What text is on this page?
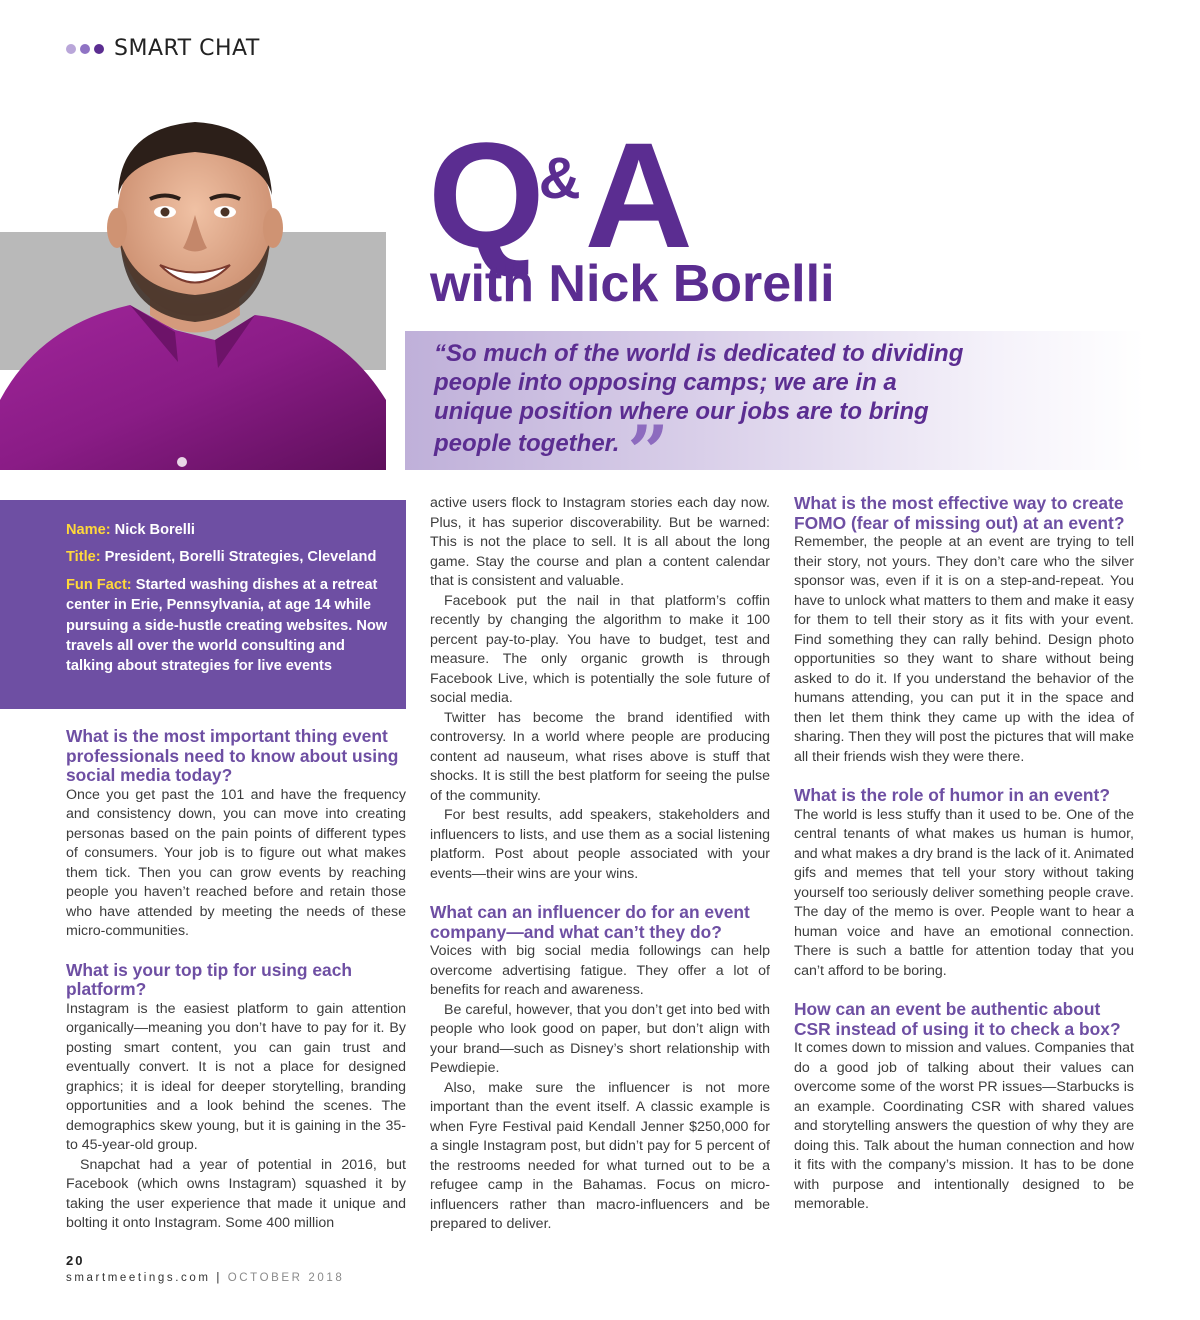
SMART CHAT
Q&A
with Nick Borelli
“So much of the world is dedicated to dividing people into opposing camps; we are in a unique position where our jobs are to bring people together. ”

Name: Nick Borelli

Title: President, Borelli Strategies, Cleveland

Fun Fact: Started washing dishes at a retreat center in Erie, Pennsylvania, at age 14 while pursuing a side-hustle creating websites. Now travels all over the world consulting and talking about strategies for live events

What is the most important thing event professionals need to know about using social media today?

Once you get past the 101 and have the frequency and consistency down, you can move into creating personas based on the pain points of different types of consumers. Your job is to figure out what makes them tick. Then you can grow events by reaching people you haven’t reached before and retain those who have attended by meeting the needs of these micro-communities.

What is your top tip for using each platform?

Instagram is the easiest platform to gain attention organically—meaning you don’t have to pay for it. By posting smart content, you can gain trust and eventually convert. It is not a place for designed graphics; it is ideal for deeper storytelling, branding opportunities and a look behind the scenes. The demographics skew young, but it is gaining in the 35- to 45-year-old group.

Snapchat had a year of potential in 2016, but Facebook (which owns Instagram) squashed it by taking the user experience that made it unique and bolting it onto Instagram. Some 400 million

active users flock to Instagram stories each day now. Plus, it has superior discoverability. But be warned: This is not the place to sell. It is all about the long game. Stay the course and plan a content calendar that is consistent and valuable.

Facebook put the nail in that platform’s coffin recently by changing the algorithm to make it 100 percent pay-to-play. You have to budget, test and measure. The only organic growth is through Facebook Live, which is potentially the sole future of social media.

Twitter has become the brand identified with controversy. In a world where people are producing content ad nauseum, what rises above is stuff that shocks. It is still the best platform for seeing the pulse of the community.

For best results, add speakers, stakeholders and influencers to lists, and use them as a social listening platform. Post about people associated with your events—their wins are your wins.

What can an influencer do for an event company—and what can’t they do?

Voices with big social media followings can help overcome advertising fatigue. They offer a lot of benefits for reach and awareness.

Be careful, however, that you don’t get into bed with people who look good on paper, but don’t align with your brand—such as Disney’s short relationship with Pewdiepie.

Also, make sure the influencer is not more important than the event itself. A classic example is when Fyre Festival paid Kendall Jenner $250,000 for a single Instagram post, but didn’t pay for 5 percent of the restrooms needed for what turned out to be a refugee camp in the Bahamas. Focus on micro-influencers rather than macro-influencers and be prepared to deliver.

What is the most effective way to create FOMO (fear of missing out) at an event?

Remember, the people at an event are trying to tell their story, not yours. They don’t care who the silver sponsor was, even if it is on a step-and-repeat. You have to unlock what matters to them and make it easy for them to tell their story as it fits with your event. Find something they can rally behind. Design photo opportunities so they want to share without being asked to do it. If you understand the behavior of the humans attending, you can put it in the space and then let them think they came up with the idea of sharing. Then they will post the pictures that will make all their friends wish they were there.

What is the role of humor in an event?

The world is less stuffy than it used to be. One of the central tenants of what makes us human is humor, and what makes a dry brand is the lack of it. Animated gifs and memes that tell your story without taking yourself too seriously deliver something people crave. The day of the memo is over. People want to hear a human voice and have an emotional connection. There is such a battle for attention today that you can’t afford to be boring.

How can an event be authentic about CSR instead of using it to check a box?

It comes down to mission and values. Companies that do a good job of talking about their values can overcome some of the worst PR issues—Starbucks is an example. Coordinating CSR with shared values and storytelling answers the question of why they are doing this. Talk about the human connection and how it fits with the company’s mission. It has to be done with purpose and intentionally designed to be memorable.

20
smartmeetings.com | OCTOBER 2018
